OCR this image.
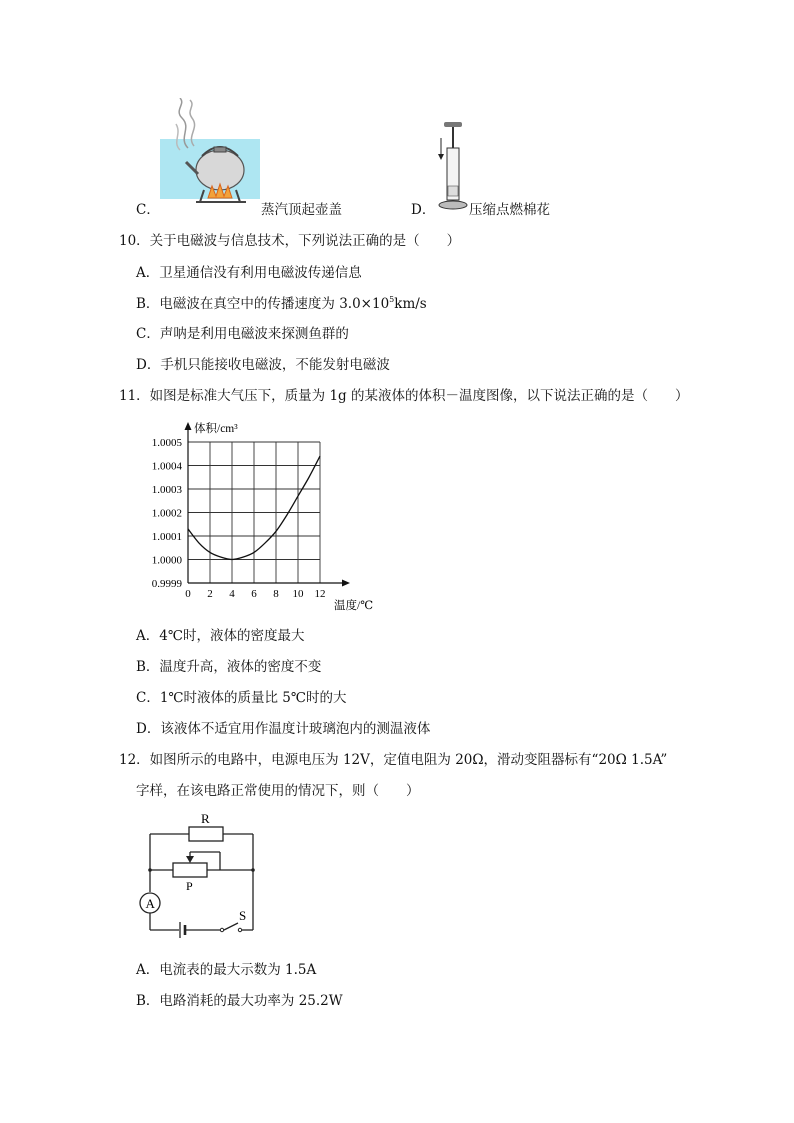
C．	蒸汽顶起壶盖	D． 压缩点燃棉花
10．关于电磁波与信息技术，下列说法正确的是（　　）
A．卫星通信没有利用电磁波传递信息
B．电磁波在真空中的传播速度为 $3.0\times 10^5km/s$
C．声呐是利用电磁波来探测鱼群的
D．手机只能接收电磁波，不能发射电磁波
11．如图是标准大气压下，质量为 1g 的某液体的体积－温度图像，以下说法正确的是（　　）
0 2 4 6 8 10 12
0.9999
1.0000
1.0001
1.0002
1.0003
1.0004
1.0005
体积/cm³
温度/℃
A．4℃时，液体的密度最大
B．温度升高，液体的密度不变
C．1℃时液体的质量比 5℃时的大
D．该液体不适宜用作温度计玻璃泡内的测温液体
12．如图所示的电路中，电源电压为 12V，定值电阻为 20Ω，滑动变阻器标有“20Ω 1.5A”
字样，在该电路正常使用的情况下，则（　　）
R
P
A
S
A．电流表的最大示数为 1.5A
B．电路消耗的最大功率为 25.2W
